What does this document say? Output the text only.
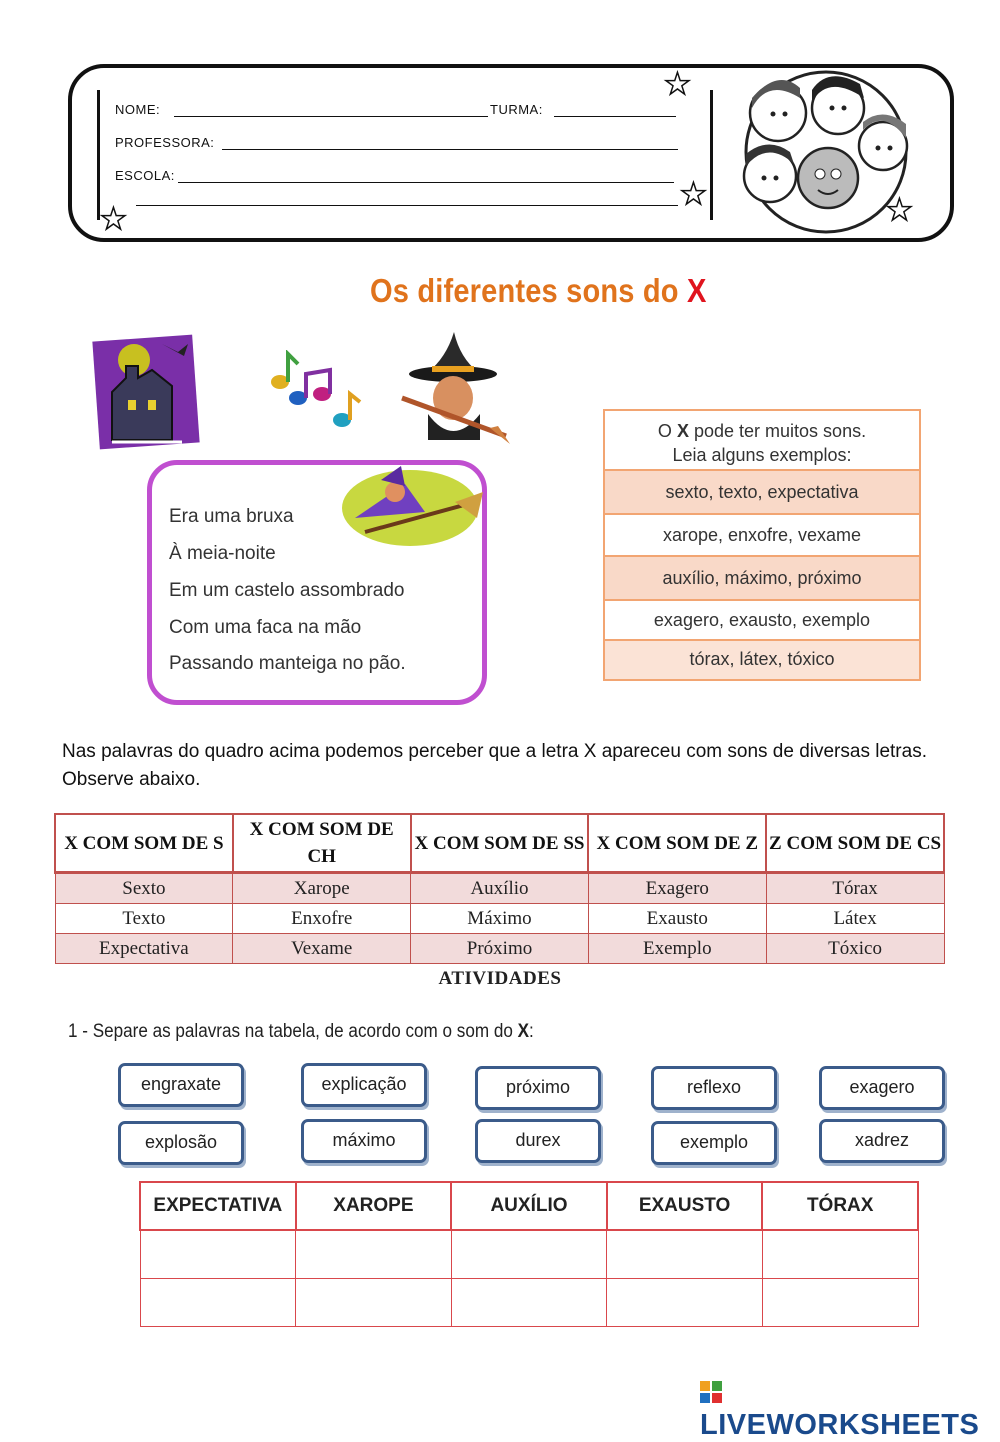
NOME:	TURMA:
PROFESSORA:
ESCOLA:
★
★
★	★
Os diferentes sons do X
Era uma bruxa
À meia-noite
Em um castelo assombrado
Com uma faca na mão
Passando manteiga no pão.
O X pode ter muitos sons.
Leia alguns exemplos:
sexto, texto, expectativa
xarope, enxofre, vexame
auxílio, máximo, próximo
exagero, exausto, exemplo
tórax, látex, tóxico
Nas palavras do quadro acima podemos perceber que a letra X apareceu com sons de diversas letras. Observe abaixo.
X COM SOM DE S	X COM SOM DE CH	X COM SOM DE SS	X COM SOM DE Z	Z COM SOM DE CS
Sexto	Xarope	Auxílio	Exagero	Tórax
Texto	Enxofre	Máximo	Exausto	Látex
Expectativa	Vexame	Próximo	Exemplo	Tóxico
ATIVIDADES
1 - Separe as palavras na tabela, de acordo com o som do X:
engraxate	explicação	próximo	reflexo	exagero
explosão	máximo	durex	exemplo	xadrez
EXPECTATIVA	XAROPE	AUXÍLIO	EXAUSTO	TÓRAX

LIVEWORKSHEETS
